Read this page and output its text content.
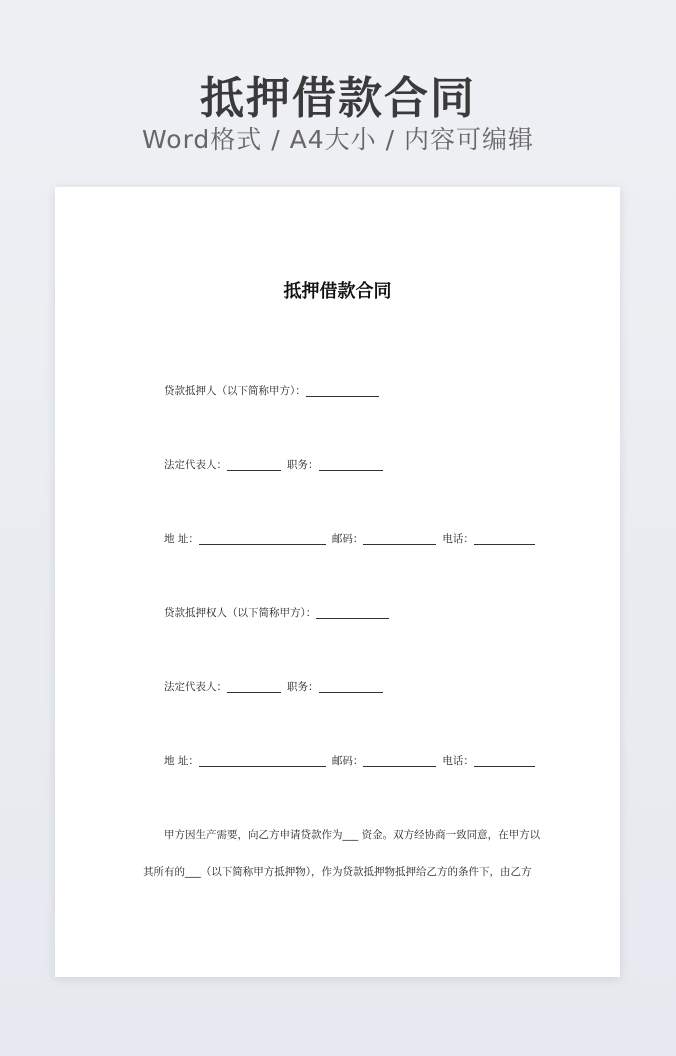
抵押借款合同
Word格式 / A4大小 / 内容可编辑
抵押借款合同
贷款抵押人（以下简称甲方）：
法定代表人：	职务：
地 址：	邮码：	电话：
贷款抵押权人（以下简称甲方）：
法定代表人：	职务：
地 址：	邮码：	电话：
甲方因生产需要，向乙方申请贷款作为___ 资金。双方经协商一致同意，在甲方以
其所有的___（以下简称甲方抵押物），作为贷款抵押物抵押给乙方的条件下，由乙方
